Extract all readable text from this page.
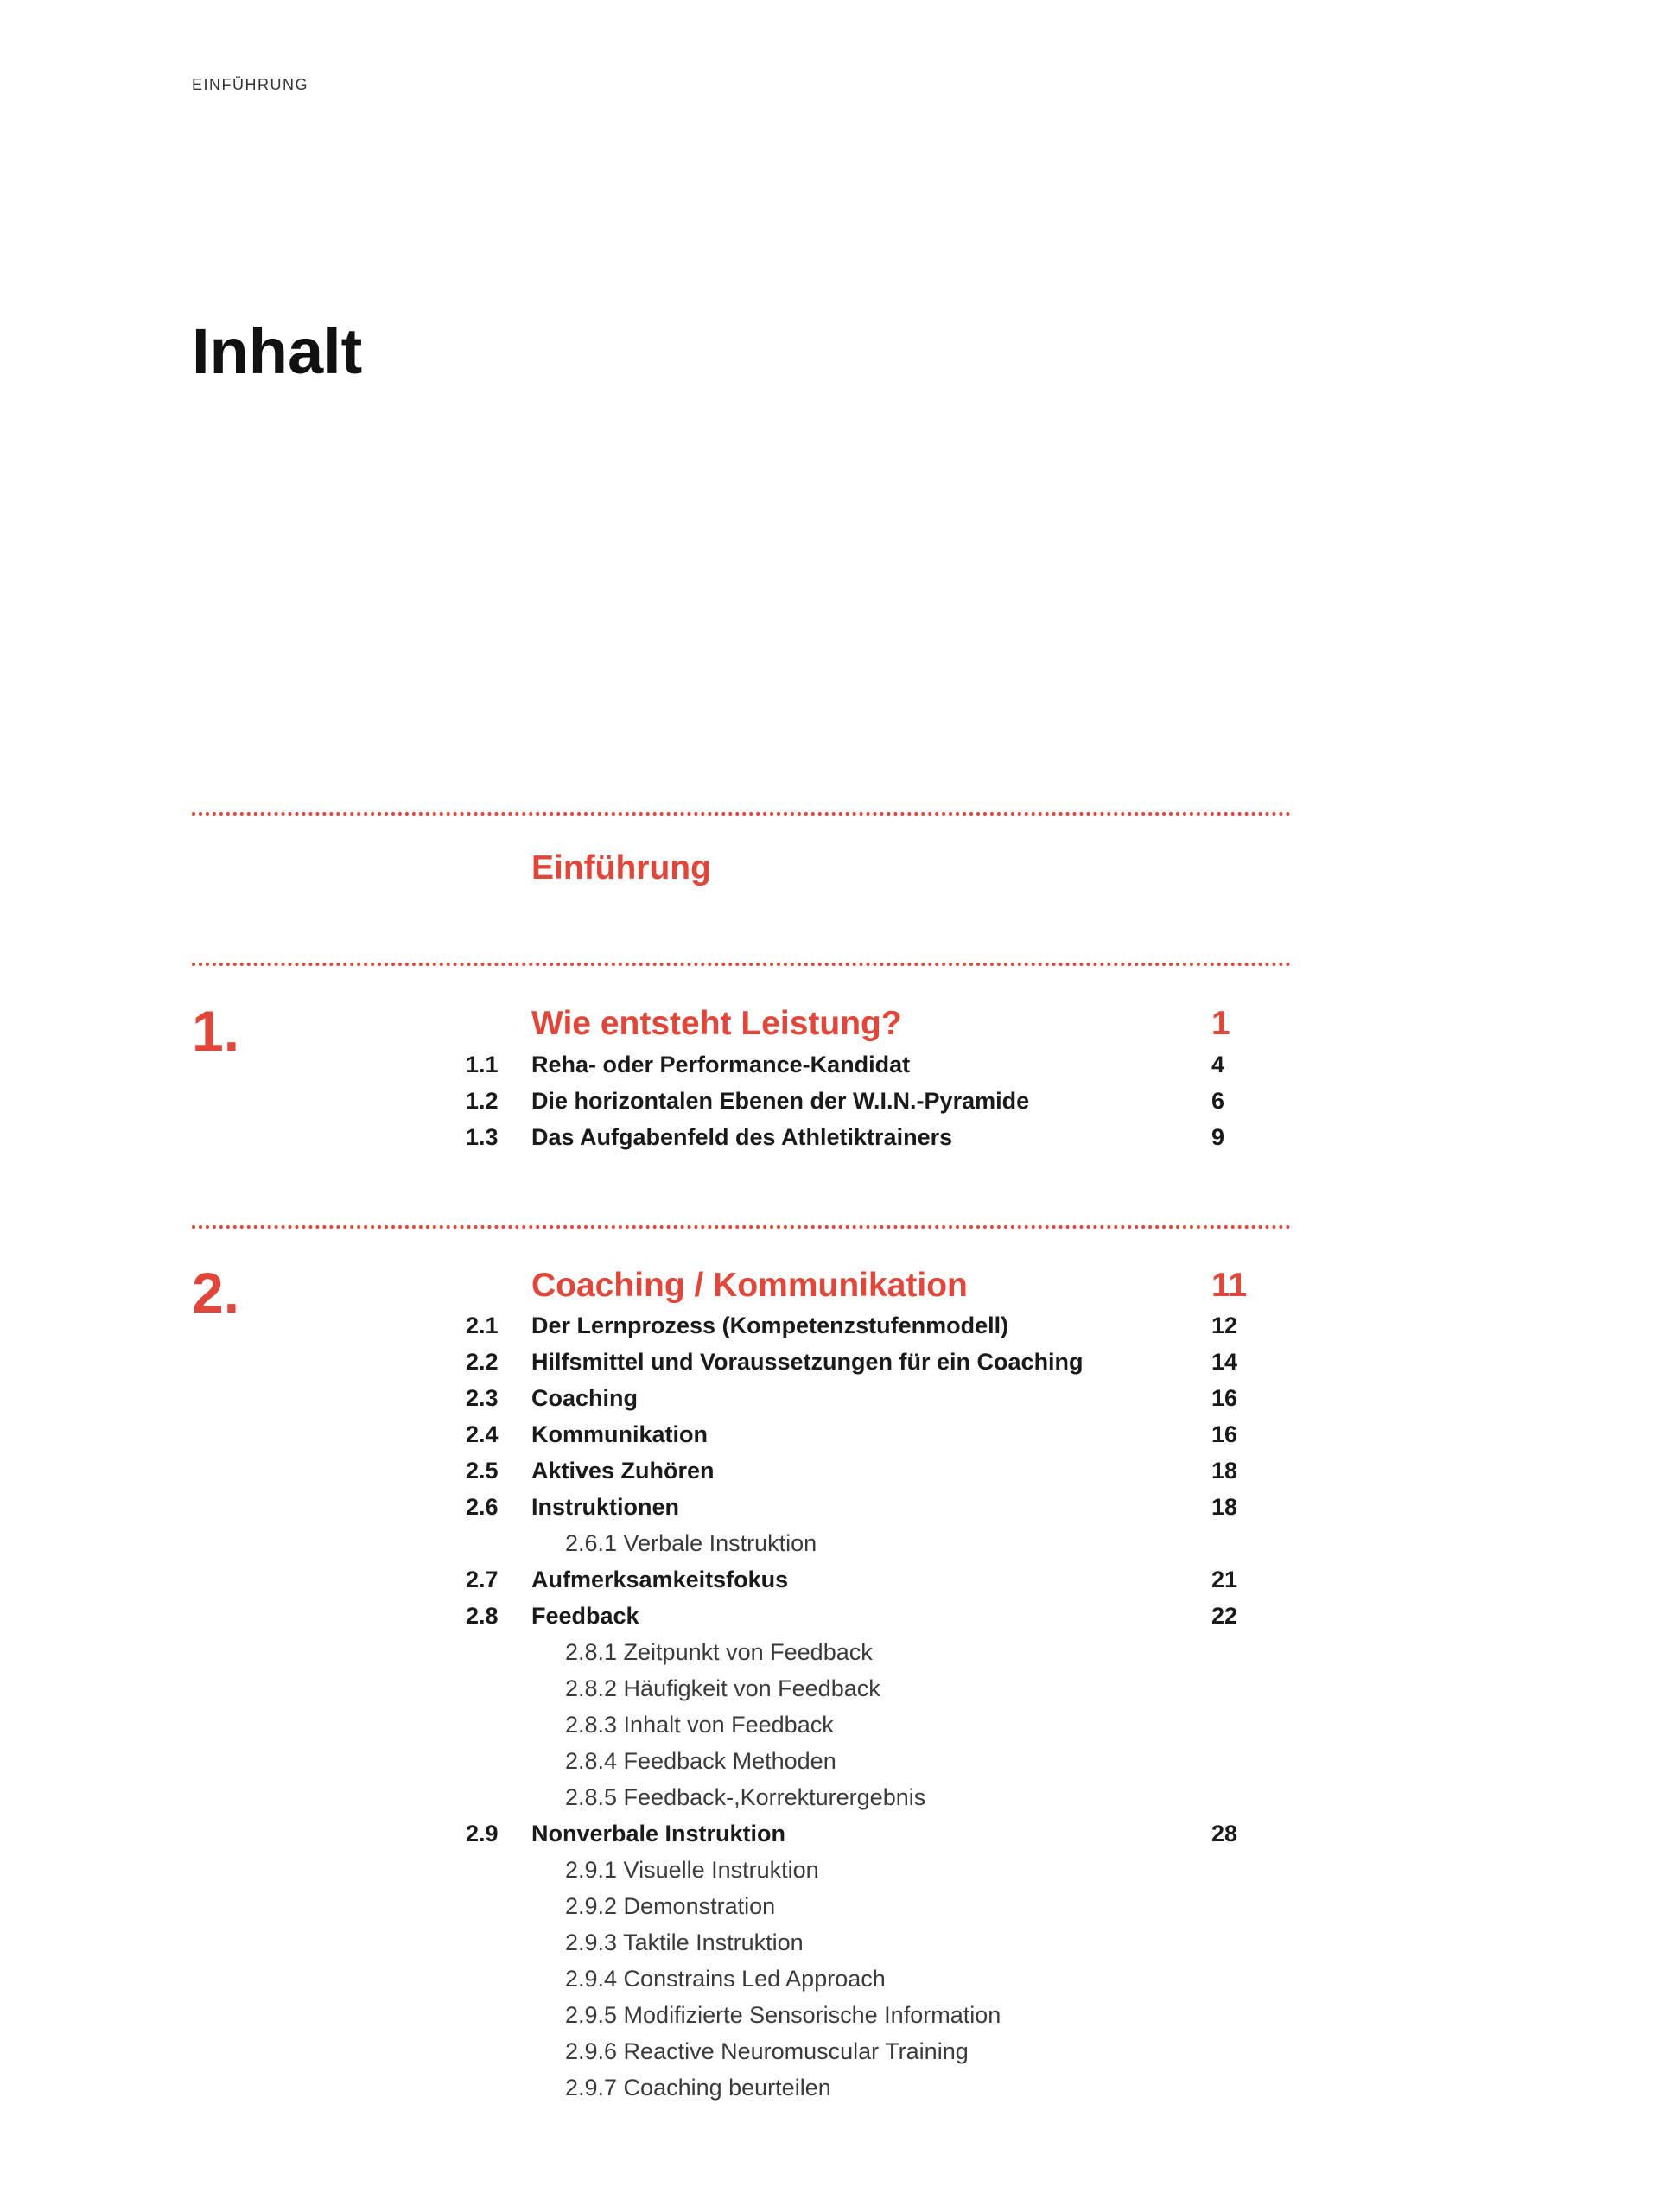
EINFÜHRUNG
Inhalt
Einführung
1.	Wie entsteht Leistung?	1
1.1 Reha- oder Performance-Kandidat	4
1.2 Die horizontalen Ebenen der W.I.N.-Pyramide	6
1.3 Das Aufgabenfeld des Athletiktrainers	9
2.	Coaching / Kommunikation	11
2.1 Der Lernprozess (Kompetenzstufenmodell)	12
2.2 Hilfsmittel und Voraussetzungen für ein Coaching	14
2.3 Coaching	16
2.4 Kommunikation	16
2.5 Aktives Zuhören	18
2.6 Instruktionen	18
2.6.1 Verbale Instruktion
2.7 Aufmerksamkeitsfokus	21
2.8 Feedback	22
2.8.1 Zeitpunkt von Feedback
2.8.2 Häufigkeit von Feedback
2.8.3 Inhalt von Feedback
2.8.4 Feedback Methoden
2.8.5 Feedback-,Korrekturergebnis
2.9 Nonverbale Instruktion	28
2.9.1 Visuelle Instruktion
2.9.2 Demonstration
2.9.3 Taktile Instruktion
2.9.4 Constrains Led Approach
2.9.5 Modifizierte Sensorische Information
2.9.6 Reactive Neuromuscular Training
2.9.7 Coaching beurteilen
